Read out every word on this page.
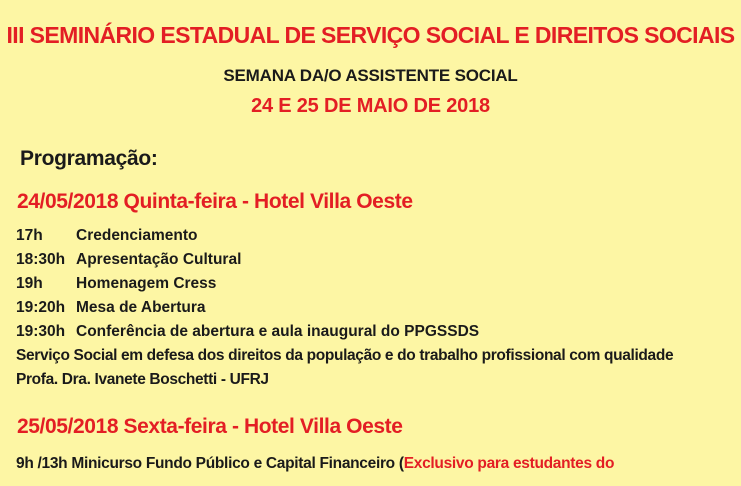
III SEMINÁRIO ESTADUAL DE SERVIÇO SOCIAL E DIREITOS SOCIAIS
SEMANA DA/O ASSISTENTE SOCIAL
24 E 25 DE MAIO DE 2018
Programação:
24/05/2018 Quinta-feira - Hotel Villa Oeste
17h Credenciamento
18:30h Apresentação Cultural
19h Homenagem Cress
19:20h Mesa de Abertura
19:30h Conferência de abertura e aula inaugural do PPGSSDS
Serviço Social em defesa dos direitos da população e do trabalho profissional com qualidade
Profa. Dra. Ivanete Boschetti - UFRJ
25/05/2018 Sexta-feira - Hotel Villa Oeste
9h /13h Minicurso Fundo Público e Capital Financeiro (Exclusivo para estudantes do
